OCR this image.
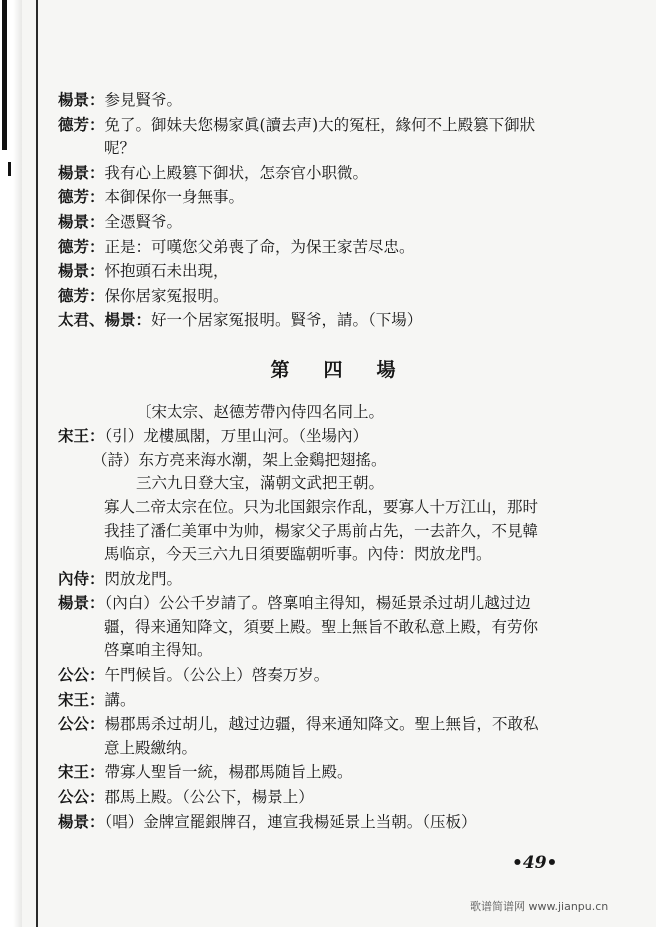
楊景：参見賢爷。
德芳：免了。御妹夫您楊家眞(讀去声)大的冤枉，緣何不上殿篡下御狀
呢？
楊景：我有心上殿篡下御状，怎奈官小职微。
德芳：本御保你一身無事。
楊景：全憑賢爷。
德芳：正是：可嘆您父弟喪了命，为保王家苦尽忠。
楊景：怀抱頭石未出現，
德芳：保你居家冤报明。
太君、楊景：好一个居家冤报明。賢爷，請。（下場）
第四場
〔宋太宗、赵德芳帶內侍四名同上。
宋王：（引）龙樓風閣，万里山河。（坐場內）
（詩）东方亮来海水潮，架上金鷄把翅搖。
三六九日登大宝，滿朝文武把王朝。
寡人二帝太宗在位。只为北国銀宗作乱，要寡人十万江山，那时
我挂了潘仁美軍中为帅，楊家父子馬前占先，一去許久，不見韓
馬临京，今天三六九日須要臨朝听事。內侍：閃放龙門。
內侍：閃放龙門。
楊景：（內白）公公千岁請了。啓稟咱主得知，楊延景杀过胡儿越过边
疆，得来通知降文，須要上殿。聖上無旨不敢私意上殿，有劳你
啓稟咱主得知。
公公：午門候旨。（公公上）啓奏万岁。
宋王：講。
公公：楊郡馬杀过胡儿，越过边疆，得来通知降文。聖上無旨，不敢私
意上殿繳纳。
宋王：帶寡人聖旨一統，楊郡馬随旨上殿。
公公：郡馬上殿。（公公下，楊景上）
楊景：（唱）金牌宣罷銀牌召，連宣我楊延景上当朝。（压板）
•49•
歌谱简谱网 www.jianpu.cn
